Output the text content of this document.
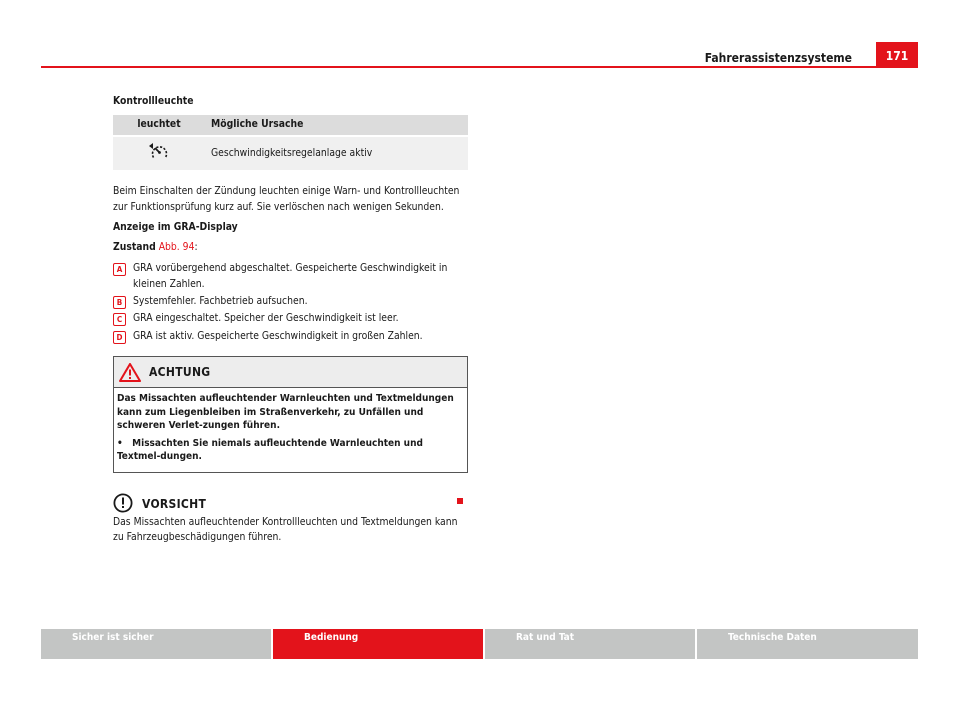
171
Fahrerassistenzsysteme

Kontrollleuchte

leuchtet	Mögliche Ursache
	Geschwindigkeitsregelanlage aktiv

Beim Einschalten der Zündung leuchten einige Warn- und Kontrollleuchten zur Funktionsprüfung kurz auf. Sie verlöschen nach wenigen Sekunden.

Anzeige im GRA-Display

Zustand Abb. 94:

A	GRA vorübergehend abgeschaltet. Gespeicherte Geschwindigkeit in kleinen Zahlen.
B	Systemfehler. Fachbetrieb aufsuchen.
C	GRA eingeschaltet. Speicher der Geschwindigkeit ist leer.
D	GRA ist aktiv. Gespeicherte Geschwindigkeit in großen Zahlen.
ACHTUNG

Das Missachten aufleuchtender Warnleuchten und Textmeldungen kann zum Liegenbleiben im Straßenverkehr, zu Unfällen und schweren Verlet-zungen führen.

• Missachten Sie niemals aufleuchtende Warnleuchten und Textmel-dungen.

VORSICHT

Das Missachten aufleuchtender Kontrollleuchten und Textmeldungen kann zu Fahrzeugbeschädigungen führen.

Sicher ist sicher	Bedienung	Rat und Tat	Technische Daten
